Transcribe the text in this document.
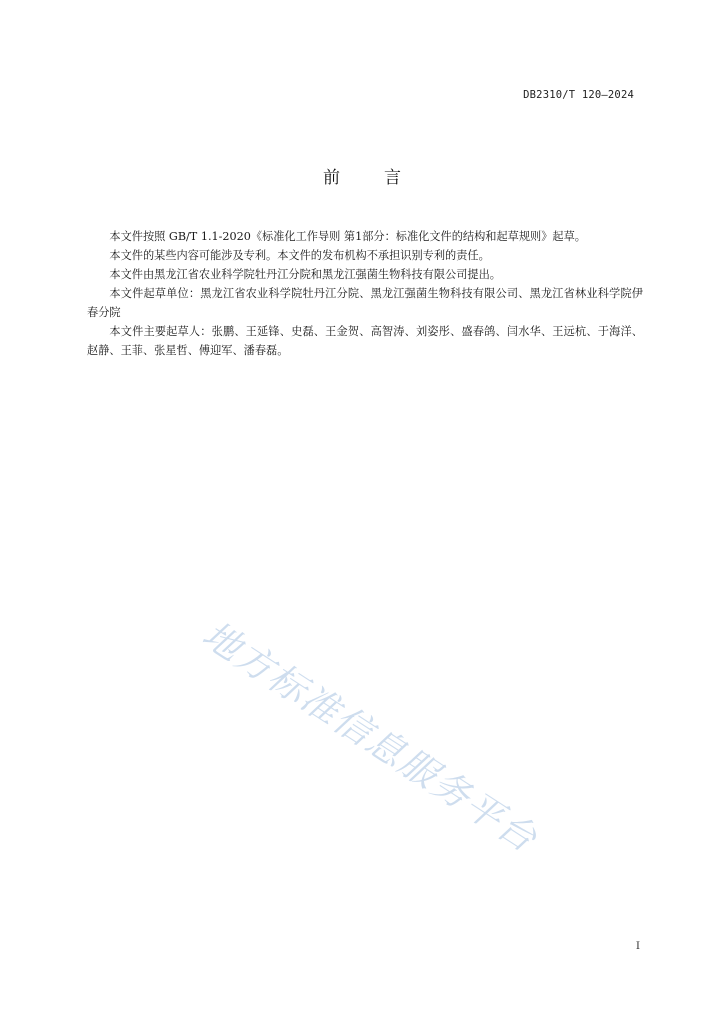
DB2310/T 120—2024
前言

本文件按照 GB/T 1.1-2020《标准化工作导则 第1部分：标准化文件的结构和起草规则》起草。

本文件的某些内容可能涉及专利。本文件的发布机构不承担识别专利的责任。

本文件由黑龙江省农业科学院牡丹江分院和黑龙江强菌生物科技有限公司提出。

本文件起草单位：黑龙江省农业科学院牡丹江分院、黑龙江强菌生物科技有限公司、黑龙江省林业科学院伊春分院

本文件主要起草人：张鹏、王延锋、史磊、王金贺、高智涛、刘姿彤、盛春鸽、闫水华、王远杭、于海洋、赵静、王菲、张星哲、傅迎军、潘春磊。

地方标准信息服务平台
I
